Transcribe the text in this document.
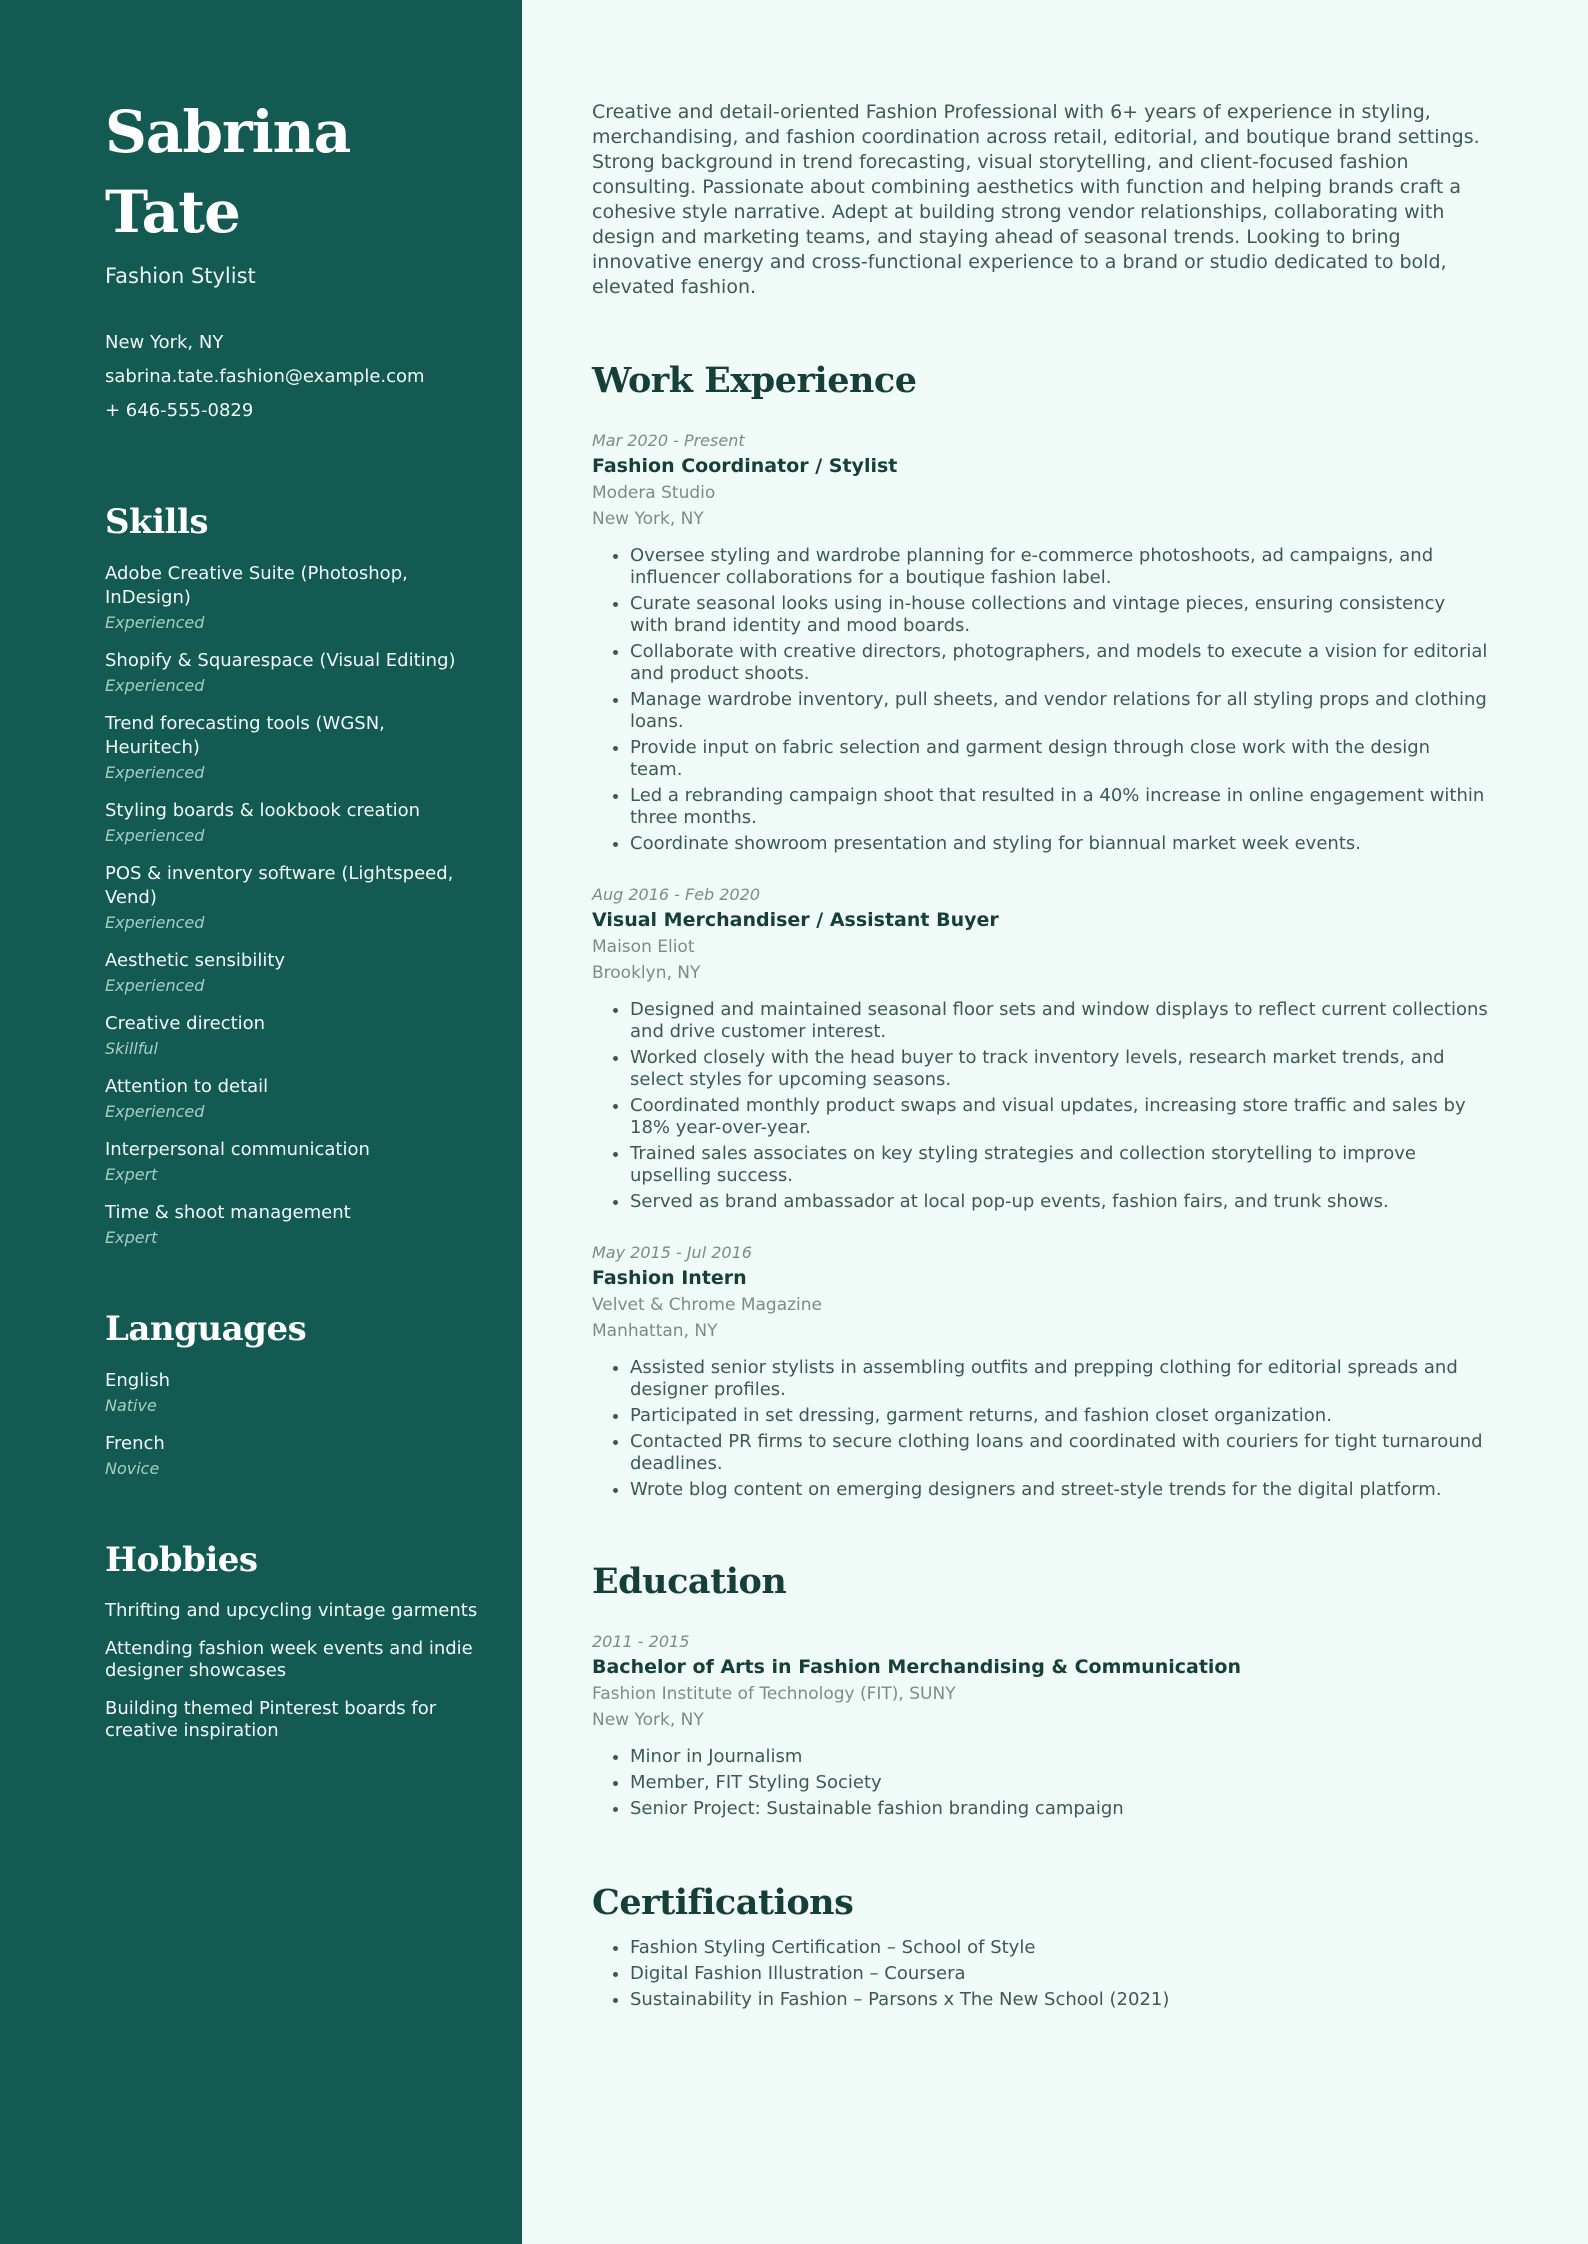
Sabrina Tate
Fashion Stylist
New York, NY
sabrina.tate.fashion@example.com
+ 646-555-0829
Skills
Adobe Creative Suite (Photoshop, InDesign)
Experienced
Shopify & Squarespace (Visual Editing)
Experienced
Trend forecasting tools (WGSN, Heuritech)
Experienced
Styling boards & lookbook creation
Experienced
POS & inventory software (Lightspeed, Vend)
Experienced
Aesthetic sensibility
Experienced
Creative direction
Skillful
Attention to detail
Experienced
Interpersonal communication
Expert
Time & shoot management
Expert
Languages
English
Native
French
Novice
Hobbies
Thrifting and upcycling vintage garments
Attending fashion week events and indie designer showcases
Building themed Pinterest boards for creative inspiration

Creative and detail-oriented Fashion Professional with 6+ years of experience in styling, merchandising, and fashion coordination across retail, editorial, and boutique brand settings. Strong background in trend forecasting, visual storytelling, and client-focused fashion consulting. Passionate about combining aesthetics with function and helping brands craft a cohesive style narrative. Adept at building strong vendor relationships, collaborating with design and marketing teams, and staying ahead of seasonal trends. Looking to bring innovative energy and cross-functional experience to a brand or studio dedicated to bold, elevated fashion.

Work Experience
Mar 2020 - Present
Fashion Coordinator / Stylist
Modera Studio
New York, NY
• Oversee styling and wardrobe planning for e-commerce photoshoots, ad campaigns, and influencer collaborations for a boutique fashion label.
• Curate seasonal looks using in-house collections and vintage pieces, ensuring consistency with brand identity and mood boards.
• Collaborate with creative directors, photographers, and models to execute a vision for editorial and product shoots.
• Manage wardrobe inventory, pull sheets, and vendor relations for all styling props and clothing loans.
• Provide input on fabric selection and garment design through close work with the design team.
• Led a rebranding campaign shoot that resulted in a 40% increase in online engagement within three months.
• Coordinate showroom presentation and styling for biannual market week events.
Aug 2016 - Feb 2020
Visual Merchandiser / Assistant Buyer
Maison Eliot
Brooklyn, NY
• Designed and maintained seasonal floor sets and window displays to reflect current collections and drive customer interest.
• Worked closely with the head buyer to track inventory levels, research market trends, and select styles for upcoming seasons.
• Coordinated monthly product swaps and visual updates, increasing store traffic and sales by 18% year-over-year.
• Trained sales associates on key styling strategies and collection storytelling to improve upselling success.
• Served as brand ambassador at local pop-up events, fashion fairs, and trunk shows.
May 2015 - Jul 2016
Fashion Intern
Velvet & Chrome Magazine
Manhattan, NY
• Assisted senior stylists in assembling outfits and prepping clothing for editorial spreads and designer profiles.
• Participated in set dressing, garment returns, and fashion closet organization.
• Contacted PR firms to secure clothing loans and coordinated with couriers for tight turnaround deadlines.
• Wrote blog content on emerging designers and street-style trends for the digital platform.
Education
2011 - 2015
Bachelor of Arts in Fashion Merchandising & Communication
Fashion Institute of Technology (FIT), SUNY
New York, NY
• Minor in Journalism
• Member, FIT Styling Society
• Senior Project: Sustainable fashion branding campaign
Certifications
• Fashion Styling Certification – School of Style
• Digital Fashion Illustration – Coursera
• Sustainability in Fashion – Parsons x The New School (2021)
